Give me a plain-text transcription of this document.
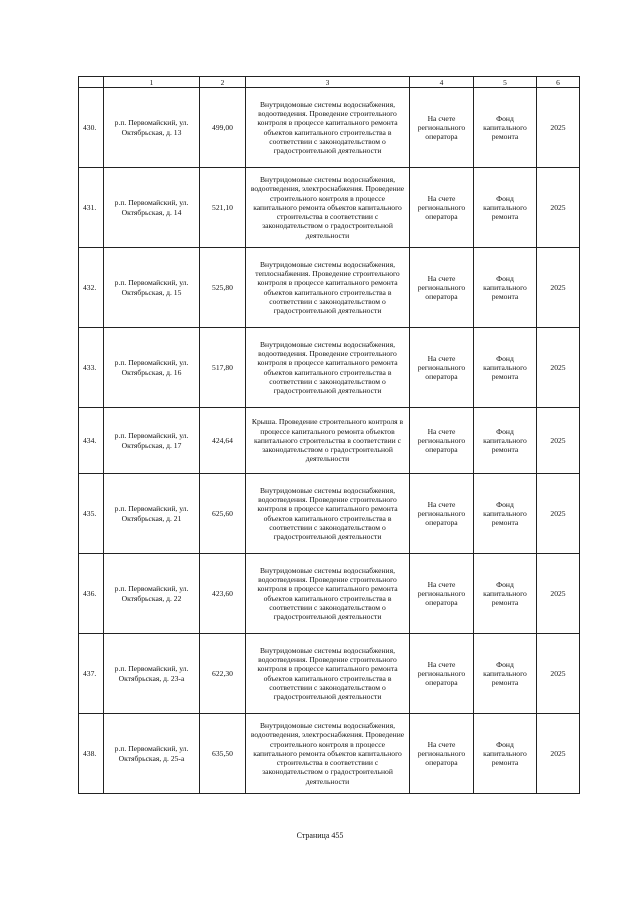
	1	2	3	4	5	6
430.	р.п. Первомайский, ул. Октябрьская, д. 13	499,00	Внутридомовые системы водоснабжения, водоотведения. Проведение строительного контроля в процессе капитального ремонта объектов капитального строительства в соответствии с законодательством о градостроительной деятельности	На счете регионального оператора	Фонд капитального ремонта	2025
431.	р.п. Первомайский, ул. Октябрьская, д. 14	521,10	Внутридомовые системы водоснабжения, водоотведения, электроснабжения. Проведение строительного контроля в процессе капитального ремонта объектов капитального строительства в соответствии с законодательством о градостроительной деятельности	На счете регионального оператора	Фонд капитального ремонта	2025
432.	р.п. Первомайский, ул. Октябрьская, д. 15	525,80	Внутридомовые системы водоснабжения, теплоснабжения. Проведение строительного контроля в процессе капитального ремонта объектов капитального строительства в соответствии с законодательством о градостроительной деятельности	На счете регионального оператора	Фонд капитального ремонта	2025
433.	р.п. Первомайский, ул. Октябрьская, д. 16	517,80	Внутридомовые системы водоснабжения, водоотведения. Проведение строительного контроля в процессе капитального ремонта объектов капитального строительства в соответствии с законодательством о градостроительной деятельности	На счете регионального оператора	Фонд капитального ремонта	2025
434.	р.п. Первомайский, ул. Октябрьская, д. 17	424,64	Крыша. Проведение строительного контроля в процессе капитального ремонта объектов капитального строительства в соответствии с законодательством о градостроительной деятельности	На счете регионального оператора	Фонд капитального ремонта	2025
435.	р.п. Первомайский, ул. Октябрьская, д. 21	625,60	Внутридомовые системы водоснабжения, водоотведения. Проведение строительного контроля в процессе капитального ремонта объектов капитального строительства в соответствии с законодательством о градостроительной деятельности	На счете регионального оператора	Фонд капитального ремонта	2025
436.	р.п. Первомайский, ул. Октябрьская, д. 22	423,60	Внутридомовые системы водоснабжения, водоотведения. Проведение строительного контроля в процессе капитального ремонта объектов капитального строительства в соответствии с законодательством о градостроительной деятельности	На счете регионального оператора	Фонд капитального ремонта	2025
437.	р.п. Первомайский, ул. Октябрьская, д. 23-а	622,30	Внутридомовые системы водоснабжения, водоотведения. Проведение строительного контроля в процессе капитального ремонта объектов капитального строительства в соответствии с законодательством о градостроительной деятельности	На счете регионального оператора	Фонд капитального ремонта	2025
438.	р.п. Первомайский, ул. Октябрьская, д. 25-а	635,50	Внутридомовые системы водоснабжения, водоотведения, электроснабжения. Проведение строительного контроля в процессе капитального ремонта объектов капитального строительства в соответствии с законодательством о градостроительной деятельности	На счете регионального оператора	Фонд капитального ремонта	2025
Страница 455
